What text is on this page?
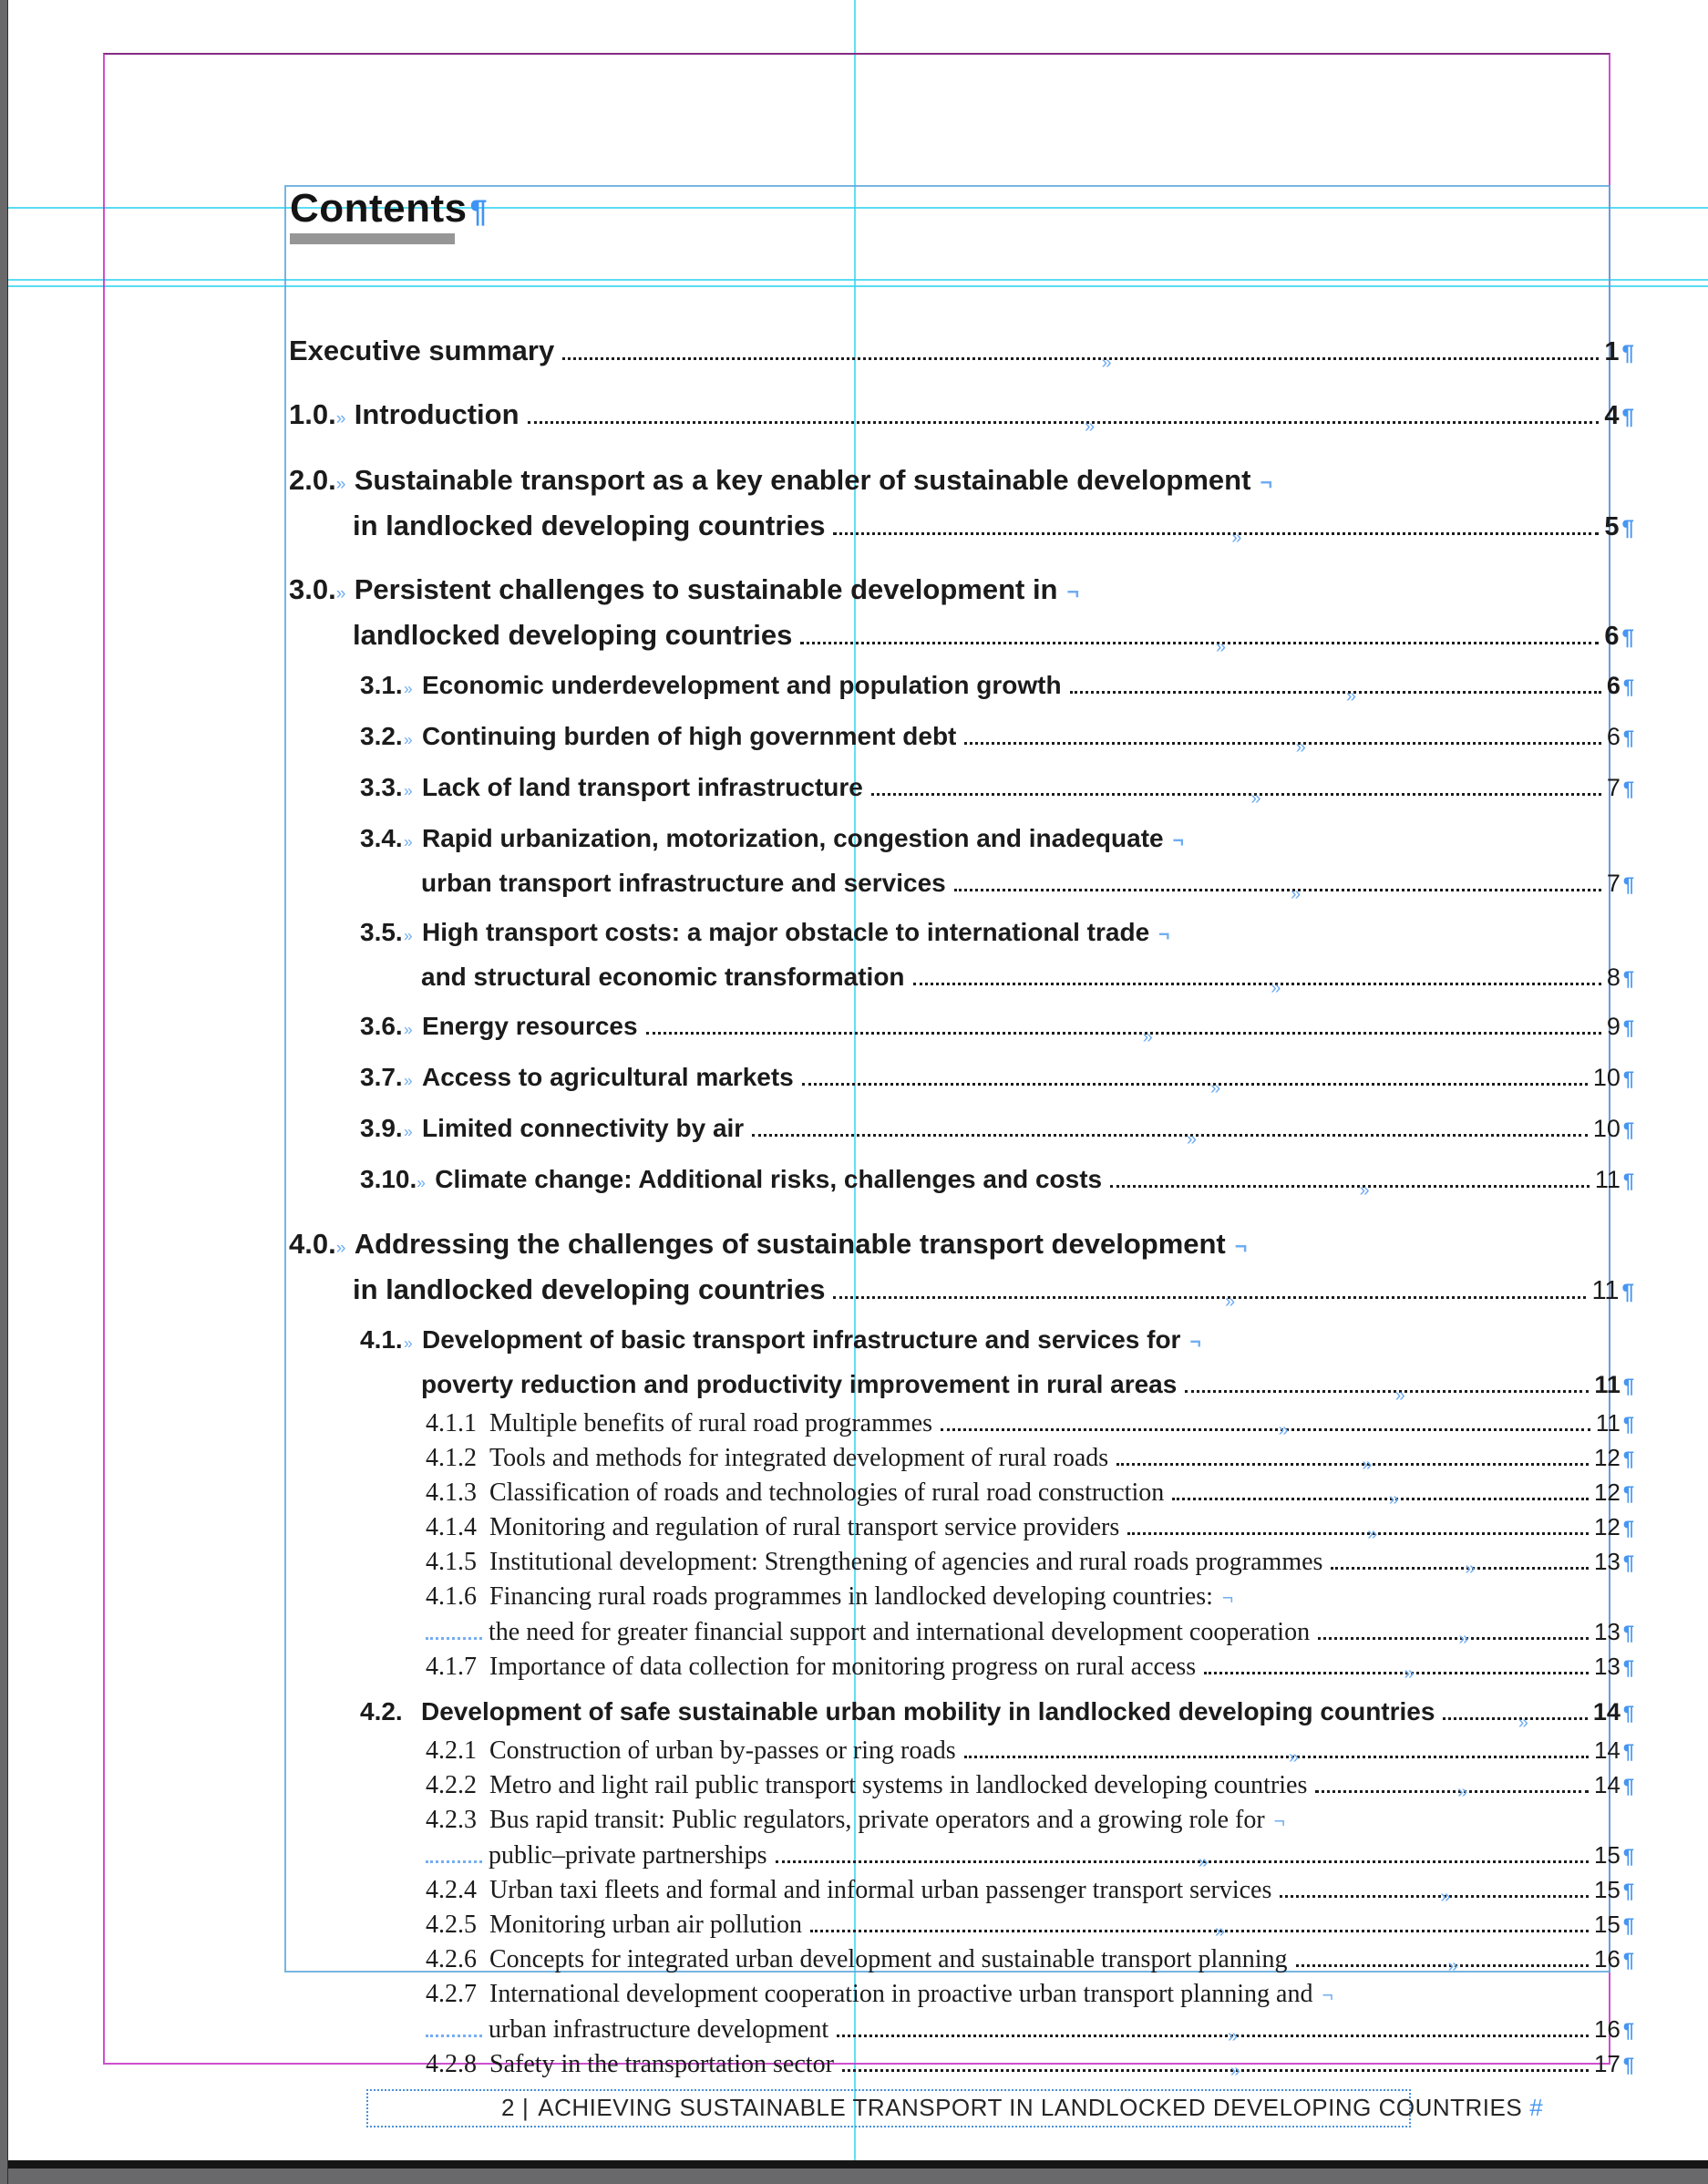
Contents ¶
Executive summary	»	1 ¶
1.0. » Introduction	»	4 ¶
2.0. » Sustainable transport as a key enabler of sustainable development ¬
in landlocked developing countries	»	5 ¶
3.0. » Persistent challenges to sustainable development in ¬
landlocked developing countries	»	6 ¶
3.1. » Economic underdevelopment and population growth	»	6 ¶
3.2. » Continuing burden of high government debt	»	6 ¶
3.3. » Lack of land transport infrastructure	»	7 ¶
3.4. » Rapid urbanization, motorization, congestion and inadequate ¬
urban transport infrastructure and services	»	7 ¶
3.5. » High transport costs: a major obstacle to international trade ¬
and structural economic transformation	»	8 ¶
3.6. » Energy resources	»	9 ¶
3.7. » Access to agricultural markets	»	10 ¶
3.9. » Limited connectivity by air	»	10 ¶
3.10. » Climate change: Additional risks, challenges and costs	»	11 ¶
4.0. » Addressing the challenges of sustainable transport development ¬
in landlocked developing countries	»	11 ¶
4.1. » Development of basic transport infrastructure and services for ¬
poverty reduction and productivity improvement in rural areas	»	11 ¶
4.1.1 Multiple benefits of rural road programmes	»	11 ¶
4.1.2 Tools and methods for integrated development of rural roads	»	12 ¶
4.1.3 Classification of roads and technologies of rural road construction	»	12 ¶
4.1.4 Monitoring and regulation of rural transport service providers	»	12 ¶
4.1.5 Institutional development: Strengthening of agencies and rural roads programmes	»	13 ¶
4.1.6 Financing rural roads programmes in landlocked developing countries: ¬
the need for greater financial support and international development cooperation	»	13 ¶
4.1.7 Importance of data collection for monitoring progress on rural access	»	13 ¶
4.2. Development of safe sustainable urban mobility in landlocked developing countries	»	14 ¶
4.2.1 Construction of urban by-passes or ring roads	»	14 ¶
4.2.2 Metro and light rail public transport systems in landlocked developing countries	»	14 ¶
4.2.3 Bus rapid transit: Public regulators, private operators and a growing role for ¬
public–private partnerships	»	15 ¶
4.2.4 Urban taxi fleets and formal and informal urban passenger transport services	»	15 ¶
4.2.5 Monitoring urban air pollution	»	15 ¶
4.2.6 Concepts for integrated urban development and sustainable transport planning	»	16 ¶
4.2.7 International development cooperation in proactive urban transport planning and ¬
urban infrastructure development	»	16 ¶
4.2.8 Safety in the transportation sector	»	17 ¶
2 | ACHIEVING SUSTAINABLE TRANSPORT IN LANDLOCKED DEVELOPING COUNTRIES #
